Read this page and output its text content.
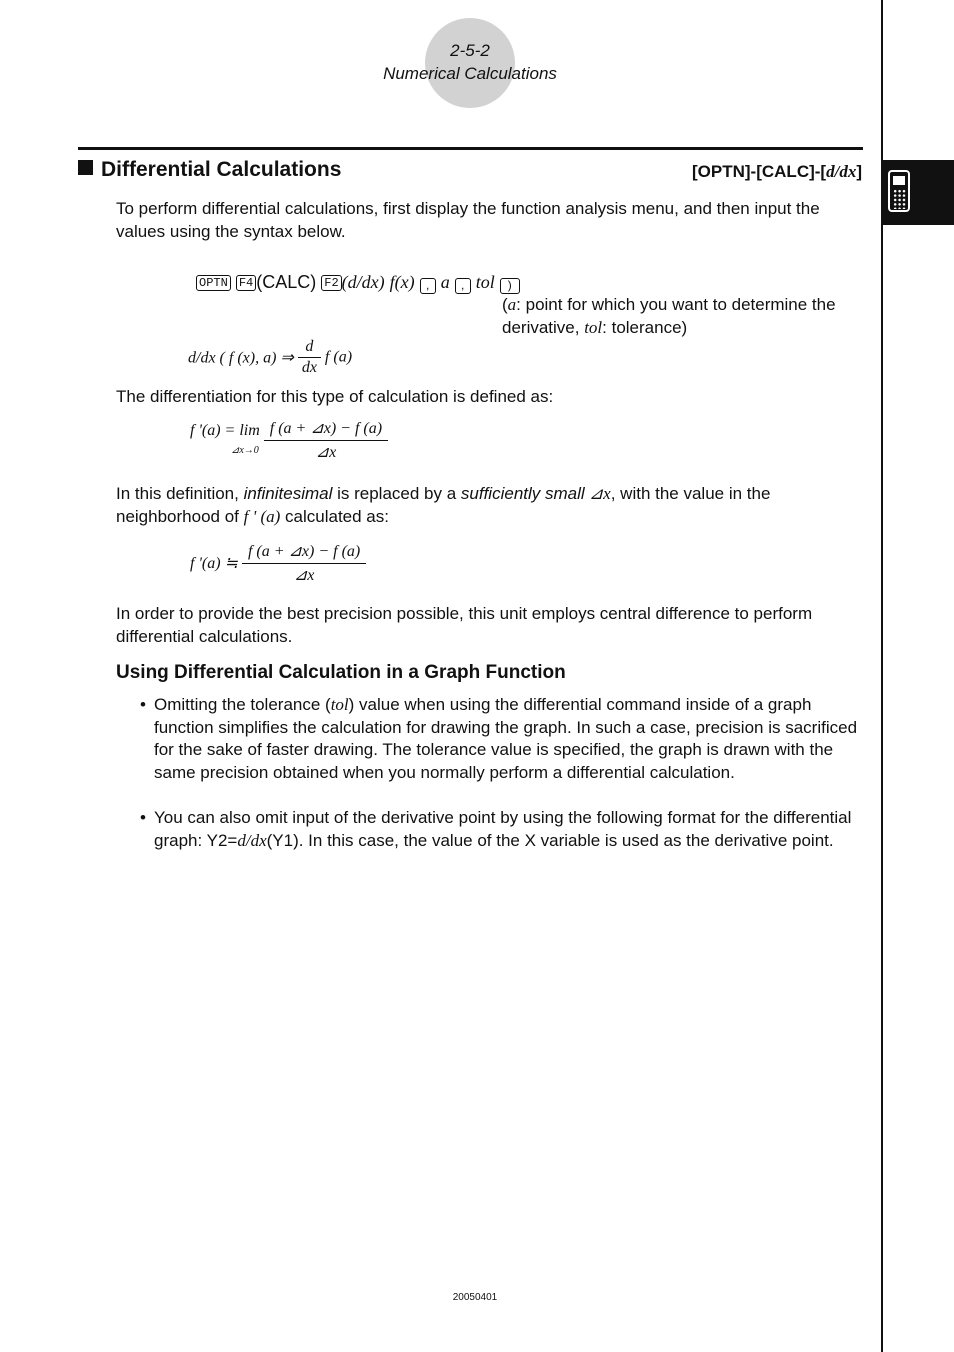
2-5-2
Numerical Calculations
Differential Calculations	[OPTN]-[CALC]-[d/dx]

To perform differential calculations, first display the function analysis menu, and then input the values using the syntax below.

OPTN F4 (CALC) F2 (d/dx) f(x) , a , tol )

(a: point for which you want to determine the derivative, tol: tolerance)

d/dx ( f (x), a) ⇒ $\frac{d}{dx}$ f (a)

The differentiation for this type of calculation is defined as:

f '(a) = lim
⊿x→0 $\frac{f (a + ⊿x) - f (a)}{⊿x}$

In this definition, infinitesimal is replaced by a sufficiently small ⊿x, with the value in the neighborhood of f ' (a) calculated as:

f '(a) ≒ $\frac{f (a + ⊿x) - f (a)}{⊿x}$

In order to provide the best precision possible, this unit employs central difference to perform differential calculations.

Using Differential Calculation in a Graph Function
• Omitting the tolerance (tol) value when using the differential command inside of a graph function simplifies the calculation for drawing the graph. In such a case, precision is sacrificed for the sake of faster drawing. The tolerance value is specified, the graph is drawn with the same precision obtained when you normally perform a differential calculation.

• You can also omit input of the derivative point by using the following format for the differential graph: Y2=d/dx(Y1). In this case, the value of the X variable is used as the derivative point.

20050401
